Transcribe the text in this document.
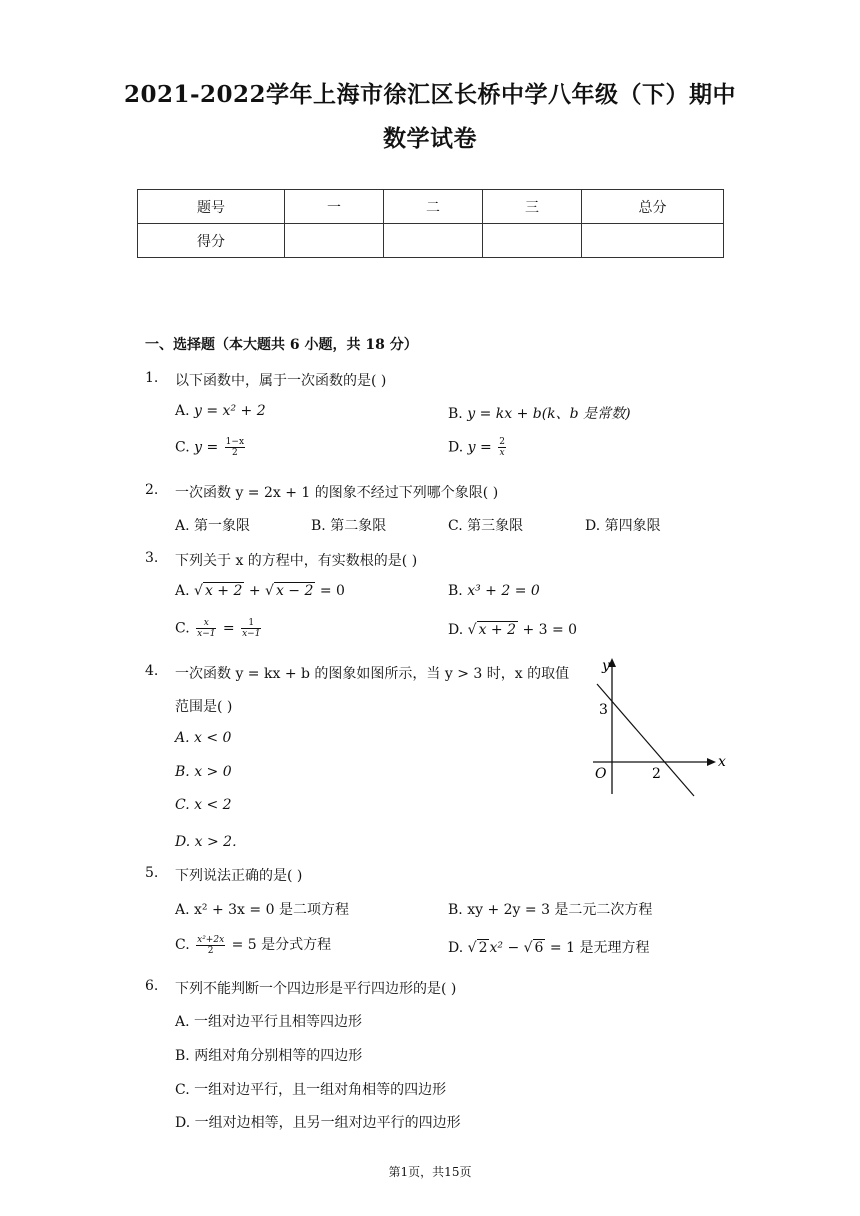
2021-2022学年上海市徐汇区长桥中学八年级（下）期中
数学试卷
题号	一	二	三	总分
得分				
一、选择题（本大题共 6 小题，共 18 分）
1. 以下函数中，属于一次函数的是( )
A. y = x² + 2	B. y = kx + b(k、b 是常数)
C. $y = \frac{1-x}{2}$	D. $y = \frac{2}{x}$
2. 一次函数 y = 2x + 1 的图象不经过下列哪个象限( )
A. 第一象限	B. 第二象限	C. 第三象限	D. 第四象限
3. 下列关于 x 的方程中，有实数根的是( )
A. √ x + 2 + √ x − 2 = 0	B. x³ + 2 = 0
C. $\frac{x}{x-1} = \frac{1}{x-1}$	D. √ x + 2 + 3 = 0
4. 一次函数 y = kx + b 的图象如图所示，当 y > 3 时，x 的取值
范围是( )
A. x < 0
B. x > 0
C. x < 2
D. x > 2．
y
x
O
3
2
5. 下列说法正确的是( )
A. x² + 3x = 0 是二项方程	B. xy + 2y = 3 是二元二次方程
C. $\frac{\text{x²+2x}}{2} = 5$ 是分式方程	D. √ 2 x² − √ 6 = 1 是无理方程
6. 下列不能判断一个四边形是平行四边形的是( )
A. 一组对边平行且相等四边形
B. 两组对角分别相等的四边形
C. 一组对边平行，且一组对角相等的四边形
D. 一组对边相等，且另一组对边平行的四边形
第1页，共15页
